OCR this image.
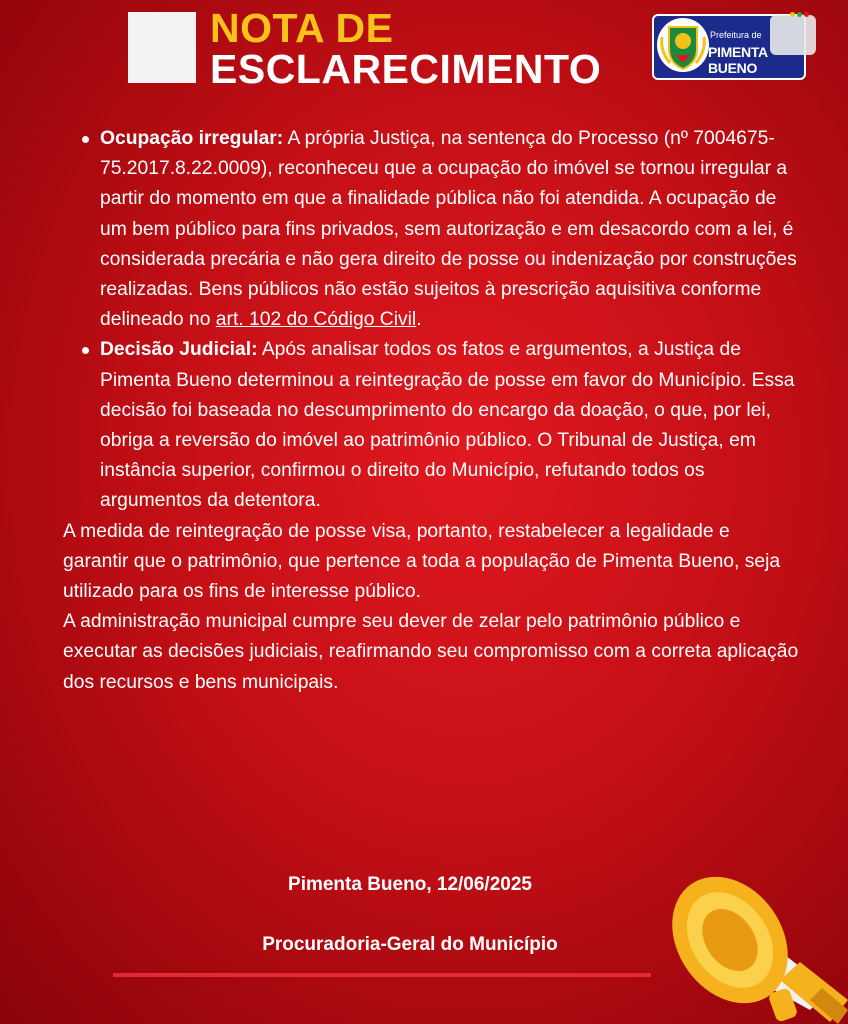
NOTA DE
ESCLARECIMENTO
Prefeitura de
PIMENTA BUENO
Ocupação irregular: A própria Justiça, na sentença do Processo (nº 7004675-75.2017.8.22.0009), reconheceu que a ocupação do imóvel se tornou irregular a partir do momento em que a finalidade pública não foi atendida. A ocupação de um bem público para fins privados, sem autorização e em desacordo com a lei, é considerada precária e não gera direito de posse ou indenização por construções realizadas. Bens públicos não estão sujeitos à prescrição aquisitiva conforme delineado no art. 102 do Código Civil.
Decisão Judicial: Após analisar todos os fatos e argumentos, a Justiça de Pimenta Bueno determinou a reintegração de posse em favor do Município. Essa decisão foi baseada no descumprimento do encargo da doação, o que, por lei, obriga a reversão do imóvel ao patrimônio público. O Tribunal de Justiça, em instância superior, confirmou o direito do Município, refutando todos os argumentos da detentora.

A medida de reintegração de posse visa, portanto, restabelecer a legalidade e garantir que o patrimônio, que pertence a toda a população de Pimenta Bueno, seja utilizado para os fins de interesse público.

A administração municipal cumpre seu dever de zelar pelo patrimônio público e executar as decisões judiciais, reafirmando seu compromisso com a correta aplicação dos recursos e bens municipais.

Pimenta Bueno, 12/06/2025
Procuradoria-Geral do Município
